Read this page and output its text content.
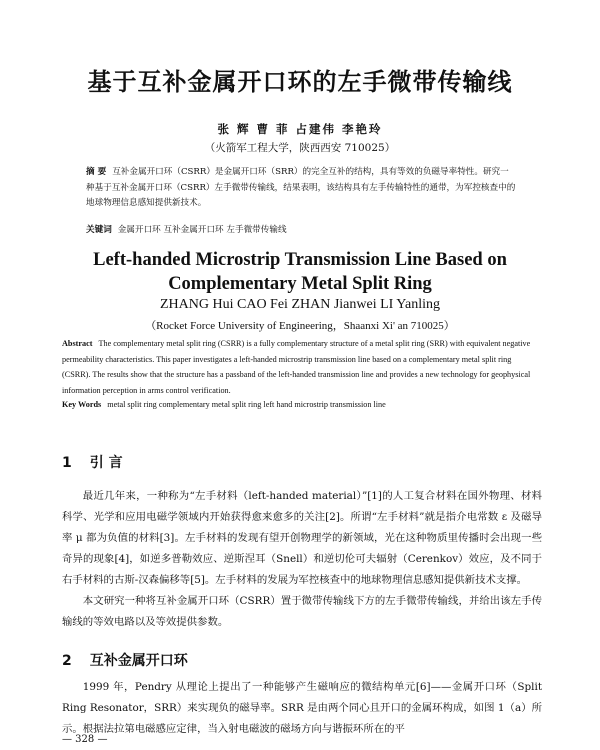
基于互补金属开口环的左手微带传输线
张 辉 曹 菲 占建伟 李艳玲
（火箭军工程大学，陕西西安 710025）
摘 要 互补金属开口环（CSRR）是金属开口环（SRR）的完全互补的结构，具有等效的负磁导率特性。研究一种基于互补金属开口环（CSRR）左手微带传输线，结果表明，该结构具有左手传输特性的通带，为军控核查中的地球物理信息感知提供新技术。
关键词 金属开口环 互补金属开口环 左手微带传输线
Left-handed Microstrip Transmission Line Based on
Complementary Metal Split Ring
ZHANG Hui CAO Fei ZHAN Jianwei LI Yanling
（Rocket Force University of Engineering，Shaanxi Xi' an 710025）
Abstract The complementary metal split ring (CSRR) is a fully complementary structure of a metal split ring (SRR) with equivalent negative permeability characteristics. This paper investigates a left-handed microstrip transmission line based on a complementary metal split ring (CSRR). The results show that the structure has a passband of the left-handed transmission line and provides a new technology for geophysical information perception in arms control verification.
Key Words metal split ring complementary metal split ring left hand microstrip transmission line
1 引 言

最近几年来，一种称为“左手材料（left-handed material）”[1]的人工复合材料在国外物理、材料科学、光学和应用电磁学领域内开始获得愈来愈多的关注[2]。所谓“左手材料”就是指介电常数 ε 及磁导率 μ 都为负值的材料[3]。左手材料的发现有望开创物理学的新领域，光在这种物质里传播时会出现一些奇异的现象[4]，如逆多普勒效应、逆斯涅耳（Snell）和逆切伦可夫辐射（Cerenkov）效应，及不同于右手材料的古斯-汉森偏移等[5]。左手材料的发展为军控核查中的地球物理信息感知提供新技术支撑。

本文研究一种将互补金属开口环（CSRR）置于微带传输线下方的左手微带传输线，并给出该左手传输线的等效电路以及等效提供参数。

2 互补金属开口环

1999 年，Pendry 从理论上提出了一种能够产生磁响应的微结构单元[6]——金属开口环（Split Ring Resonator，SRR）来实现负的磁导率。SRR 是由两个同心且开口的金属环构成，如图 1（a）所示。根据法拉第电磁感应定律，当入射电磁波的磁场方向与谐振环所在的平

— 328 —
